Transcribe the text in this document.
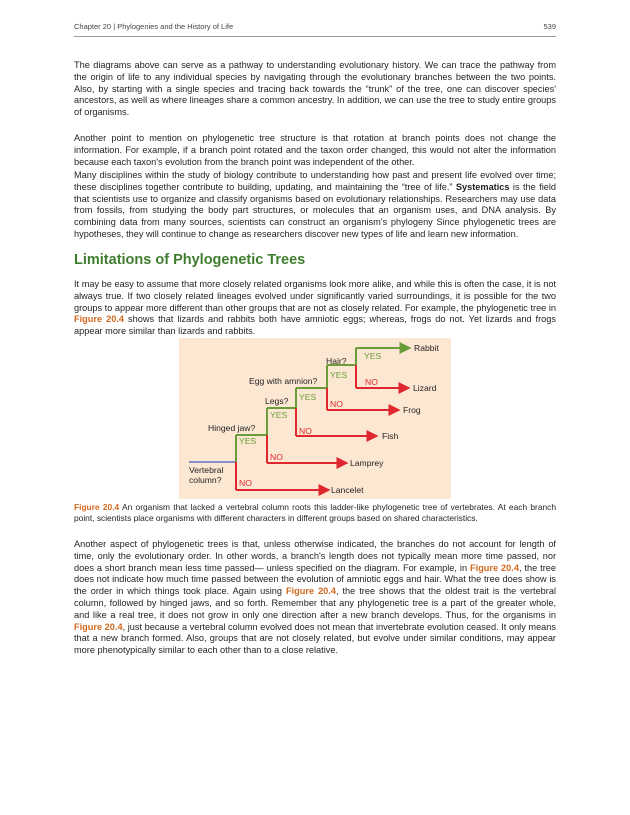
Chapter 20 | Phylogenies and the History of Life	539

The diagrams above can serve as a pathway to understanding evolutionary history. We can trace the pathway from the origin of life to any individual species by navigating through the evolutionary branches between the two points. Also, by starting with a single species and tracing back towards the “trunk” of the tree, one can discover species' ancestors, as well as where lineages share a common ancestry. In addition, we can use the tree to study entire groups of organisms.

Another point to mention on phylogenetic tree structure is that rotation at branch points does not change the information. For example, if a branch point rotated and the taxon order changed, this would not alter the information because each taxon's evolution from the branch point was independent of the other.

Many disciplines within the study of biology contribute to understanding how past and present life evolved over time; these disciplines together contribute to building, updating, and maintaining the “tree of life.” Systematics is the field that scientists use to organize and classify organisms based on evolutionary relationships. Researchers may use data from fossils, from studying the body part structures, or molecules that an organism uses, and DNA analysis. By combining data from many sources, scientists can construct an organism's phylogeny Since phylogenetic trees are hypotheses, they will continue to change as researchers discover new types of life and learn new information.

Limitations of Phylogenetic Trees

It may be easy to assume that more closely related organisms look more alike, and while this is often the case, it is not always true. If two closely related lineages evolved under significantly varied surroundings, it is possible for the two groups to appear more different than other groups that are not as closely related. For example, the phylogenetic tree in Figure 20.4 shows that lizards and rabbits both have amniotic eggs; whereas, frogs do not. Yet lizards and frogs appear more similar than lizards and rabbits.

Vertebral
column?
Hinged jaw?
Legs?
Egg with amnion?
Hair?
Lancelet
Lamprey
Fish
Frog
Lizard
Rabbit
YES
YES
YES
YES
YES
NO
NO
NO
NO
NO

Figure 20.4 An organism that lacked a vertebral column roots this ladder-like phylogenetic tree of vertebrates. At each branch point, scientists place organisms with different characters in different groups based on shared characteristics.

Another aspect of phylogenetic trees is that, unless otherwise indicated, the branches do not account for length of time, only the evolutionary order. In other words, a branch's length does not typically mean more time passed, nor does a short branch mean less time passed— unless specified on the diagram. For example, in Figure 20.4, the tree does not indicate how much time passed between the evolution of amniotic eggs and hair. What the tree does show is the order in which things took place. Again using Figure 20.4, the tree shows that the oldest trait is the vertebral column, followed by hinged jaws, and so forth. Remember that any phylogenetic tree is a part of the greater whole, and like a real tree, it does not grow in only one direction after a new branch develops. Thus, for the organisms in Figure 20.4, just because a vertebral column evolved does not mean that invertebrate evolution ceased. It only means that a new branch formed. Also, groups that are not closely related, but evolve under similar conditions, may appear more phenotypically similar to each other than to a close relative.
